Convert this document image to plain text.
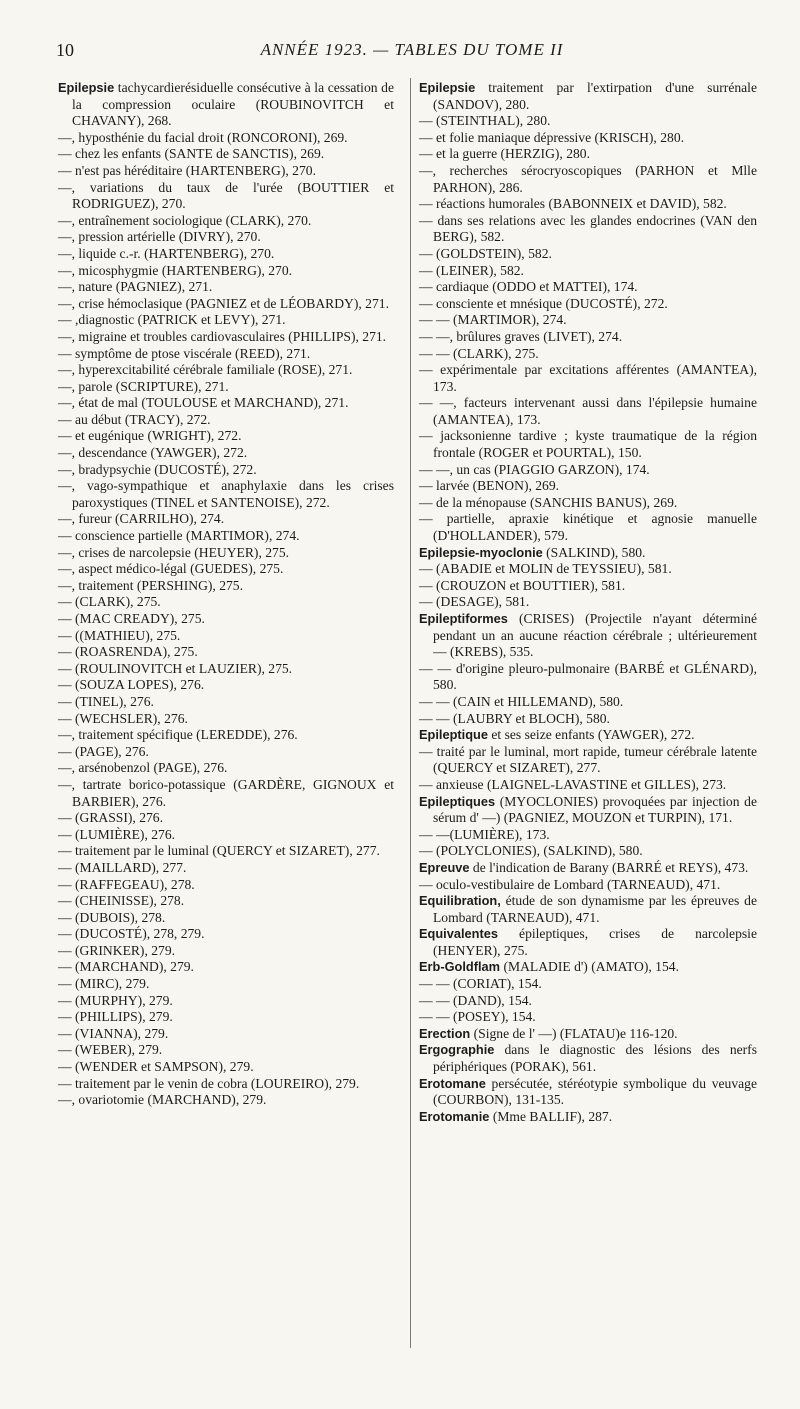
10	ANNÉE 1923. — TABLES DU TOME II

Epilepsie tachycardierésiduelle consécutive à la cessation de la compression oculaire (ROUBINOVITCH et CHAVANY), 268.

—, hyposthénie du facial droit (RONCORONI), 269.

— chez les enfants (SANTE de SANCTIS), 269.

— n'est pas héréditaire (HARTENBERG), 270.

—, variations du taux de l'urée (BOUTTIER et RODRIGUEZ), 270.

—, entraînement sociologique (CLARK), 270.

—, pression artérielle (DIVRY), 270.

—, liquide c.-r. (HARTENBERG), 270.

—, micosphygmie (HARTENBERG), 270.

—, nature (PAGNIEZ), 271.

—, crise hémoclasique (PAGNIEZ et de LÉOBARDY), 271.

— ,diagnostic (PATRICK et LEVY), 271.

—, migraine et troubles cardiovasculaires (PHILLIPS), 271.

— symptôme de ptose viscérale (REED), 271.

—, hyperexcitabilité cérébrale familiale (ROSE), 271.

—, parole (SCRIPTURE), 271.

—, état de mal (TOULOUSE et MARCHAND), 271.

— au début (TRACY), 272.

— et eugénique (WRIGHT), 272.

—, descendance (YAWGER), 272.

—, bradypsychie (DUCOSTÉ), 272.

—, vago-sympathique et anaphylaxie dans les crises paroxystiques (TINEL et SANTENOISE), 272.

—, fureur (CARRILHO), 274.

— conscience partielle (MARTIMOR), 274.

—, crises de narcolepsie (HEUYER), 275.

—, aspect médico-légal (GUEDES), 275.

—, traitement (PERSHING), 275.

— (CLARK), 275.

— (MAC CREADY), 275.

— ((MATHIEU), 275.

— (ROASRENDA), 275.

— (ROULINOVITCH et LAUZIER), 275.

— (SOUZA LOPES), 276.

— (TINEL), 276.

— (WECHSLER), 276.

—, traitement spécifique (LEREDDE), 276.

— (PAGE), 276.

—, arsénobenzol (PAGE), 276.

—, tartrate borico-potassique (GARDÈRE, GIGNOUX et BARBIER), 276.

— (GRASSI), 276.

— (LUMIÈRE), 276.

— traitement par le luminal (QUERCY et SIZARET), 277.

— (MAILLARD), 277.

— (RAFFEGEAU), 278.

— (CHEINISSE), 278.

— (DUBOIS), 278.

— (DUCOSTÉ), 278, 279.

— (GRINKER), 279.

— (MARCHAND), 279.

— (MIRC), 279.

— (MURPHY), 279.

— (PHILLIPS), 279.

— (VIANNA), 279.

— (WEBER), 279.

— (WENDER et SAMPSON), 279.

— traitement par le venin de cobra (LOUREIRO), 279.

—, ovariotomie (MARCHAND), 279.

Epilepsie traitement par l'extirpation d'une surrénale (SANDOV), 280.

— (STEINTHAL), 280.

— et folie maniaque dépressive (KRISCH), 280.

— et la guerre (HERZIG), 280.

—, recherches sérocryoscopiques (PARHON et Mlle PARHON), 286.

— réactions humorales (BABONNEIX et DAVID), 582.

— dans ses relations avec les glandes endocrines (VAN den BERG), 582.

— (GOLDSTEIN), 582.

— (LEINER), 582.

— cardiaque (ODDO et MATTEI), 174.

— consciente et mnésique (DUCOSTÉ), 272.

— — (MARTIMOR), 274.

— —, brûlures graves (LIVET), 274.

— — (CLARK), 275.

— expérimentale par excitations afférentes (AMANTEA), 173.

— —, facteurs intervenant aussi dans l'épilepsie humaine (AMANTEA), 173.

— jacksonienne tardive ; kyste traumatique de la région frontale (ROGER et POURTAL), 150.

— —, un cas (PIAGGIO GARZON), 174.

— larvée (BENON), 269.

— de la ménopause (SANCHIS BANUS), 269.

— partielle, apraxie kinétique et agnosie manuelle (D'HOLLANDER), 579.

Epilepsie-myoclonie (SALKIND), 580.

— (ABADIE et MOLIN de TEYSSIEU), 581.

— (CROUZON et BOUTTIER), 581.

— (DESAGE), 581.

Epileptiformes (CRISES) (Projectile n'ayant déterminé pendant un an aucune réaction cérébrale ; ultérieurement — (KREBS), 535.

— — d'origine pleuro-pulmonaire (BARBÉ et GLÉNARD), 580.

— — (CAIN et HILLEMAND), 580.

— — (LAUBRY et BLOCH), 580.

Epileptique et ses seize enfants (YAWGER), 272.

— traité par le luminal, mort rapide, tumeur cérébrale latente (QUERCY et SIZARET), 277.

— anxieuse (LAIGNEL-LAVASTINE et GILLES), 273.

Epileptiques (MYOCLONIES) provoquées par injection de sérum d' —) (PAGNIEZ, MOUZON et TURPIN), 171.

— —(LUMIÈRE), 173.

— (POLYCLONIES), (SALKIND), 580.

Epreuve de l'indication de Barany (BARRÉ et REYS), 473.

— oculo-vestibulaire de Lombard (TARNEAUD), 471.

Equilibration, étude de son dynamisme par les épreuves de Lombard (TARNEAUD), 471.

Equivalentes épileptiques, crises de narcolepsie (HENYER), 275.

Erb-Goldflam (MALADIE d') (AMATO), 154.

— — (CORIAT), 154.

— — (DAND), 154.

— — (POSEY), 154.

Erection (Signe de l' —) (FLATAU)e 116-120.

Ergographie dans le diagnostic des lésions des nerfs périphériques (PORAK), 561.

Erotomane persécutée, stéréotypie symbolique du veuvage (COURBON), 131-135.

Erotomanie (Mme BALLIF), 287.
